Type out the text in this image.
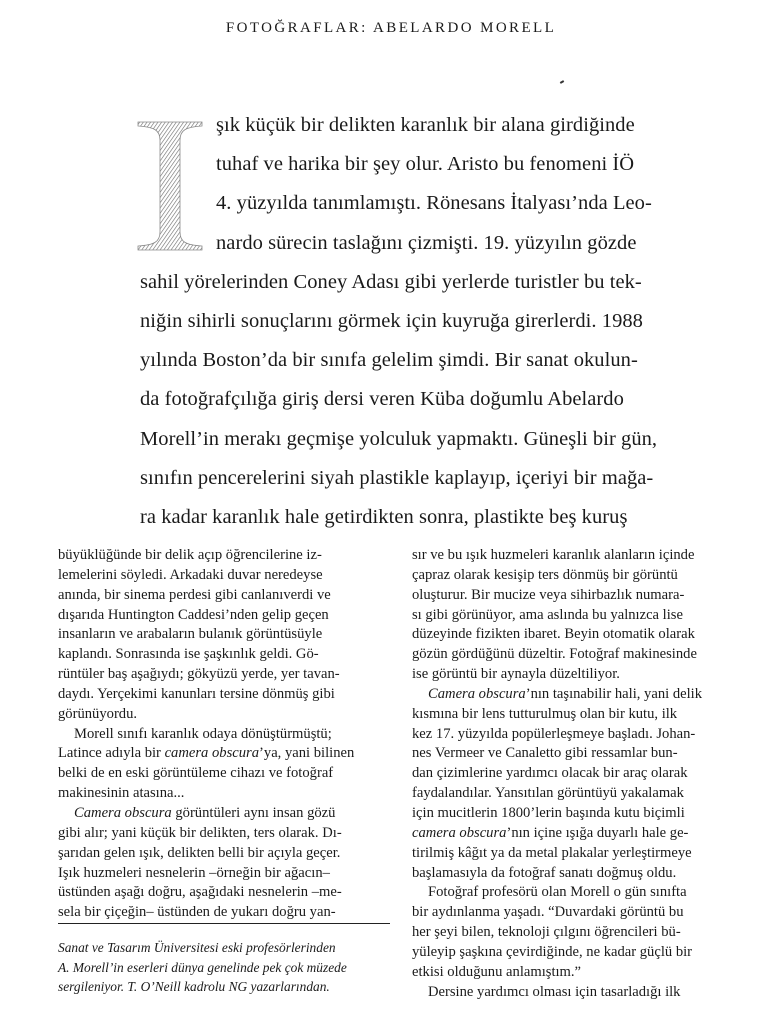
FOTOĞRAFLAR: ABELARDO MORELL
şık küçük bir delikten karanlık bir alana girdiğinde
tuhaf ve harika bir şey olur. Aristo bu fenomeni İÖ
4. yüzyılda tanımlamıştı. Rönesans İtalyası’nda Leo-
nardo sürecin taslağını çizmişti. 19. yüzyılın gözde
sahil yörelerinden Coney Adası gibi yerlerde turistler bu tek-
niğin sihirli sonuçlarını görmek için kuyruğa girerlerdi. 1988
yılında Boston’da bir sınıfa gelelim şimdi. Bir sanat okulun-
da fotoğrafçılığa giriş dersi veren Küba doğumlu Abelardo
Morell’in merakı geçmişe yolculuk yapmaktı. Güneşli bir gün,
sınıfın pencerelerini siyah plastikle kaplayıp, içeriyi bir mağa-
ra kadar karanlık hale getirdikten sonra, plastikte beş kuruş
büyüklüğünde bir delik açıp öğrencilerine iz-
lemelerini söyledi. Arkadaki duvar neredeyse
anında, bir sinema perdesi gibi canlanıverdi ve
dışarıda Huntington Caddesi’nden gelip geçen
insanların ve arabaların bulanık görüntüsüyle
kaplandı. Sonrasında ise şaşkınlık geldi. Gö-
rüntüler baş aşağıydı; gökyüzü yerde, yer tavan-
daydı. Yerçekimi kanunları tersine dönmüş gibi
görünüyordu.
Morell sınıfı karanlık odaya dönüştürmüştü;
Latince adıyla bir camera obscura’ya, yani bilinen
belki de en eski görüntüleme cihazı ve fotoğraf
makinesinin atasına...
Camera obscura görüntüleri aynı insan gözü
gibi alır; yani küçük bir delikten, ters olarak. Dı-
şarıdan gelen ışık, delikten belli bir açıyla geçer.
Işık huzmeleri nesnelerin –örneğin bir ağacın–
üstünden aşağı doğru, aşağıdaki nesnelerin –me-
sela bir çiçeğin– üstünden de yukarı doğru yan-
sır ve bu ışık huzmeleri karanlık alanların içinde
çapraz olarak kesişip ters dönmüş bir görüntü
oluşturur. Bir mucize veya sihirbazlık numara-
sı gibi görünüyor, ama aslında bu yalnızca lise
düzeyinde fizikten ibaret. Beyin otomatik olarak
gözün gördüğünü düzeltir. Fotoğraf makinesinde
ise görüntü bir aynayla düzeltiliyor.
Camera obscura’nın taşınabilir hali, yani delik
kısmına bir lens tutturulmuş olan bir kutu, ilk
kez 17. yüzyılda popülerleşmeye başladı. Johan-
nes Vermeer ve Canaletto gibi ressamlar bun-
dan çizimlerine yardımcı olacak bir araç olarak
faydalandılar. Yansıtılan görüntüyü yakalamak
için mucitlerin 1800’lerin başında kutu biçimli
camera obscura’nın içine ışığa duyarlı hale ge-
tirilmiş kâğıt ya da metal plakalar yerleştirmeye
başlamasıyla da fotoğraf sanatı doğmuş oldu.
Fotoğraf profesörü olan Morell o gün sınıfta
bir aydınlanma yaşadı. “Duvardaki görüntü bu
her şeyi bilen, teknoloji çılgını öğrencileri bü-
yüleyip şaşkına çevirdiğinde, ne kadar güçlü bir
etkisi olduğunu anlamıştım.”
Dersine yardımcı olması için tasarladığı ilk
Sanat ve Tasarım Üniversitesi eski profesörlerinden
A. Morell’in eserleri dünya genelinde pek çok müzede
sergileniyor. T. O’Neill kadrolu NG yazarlarından.
